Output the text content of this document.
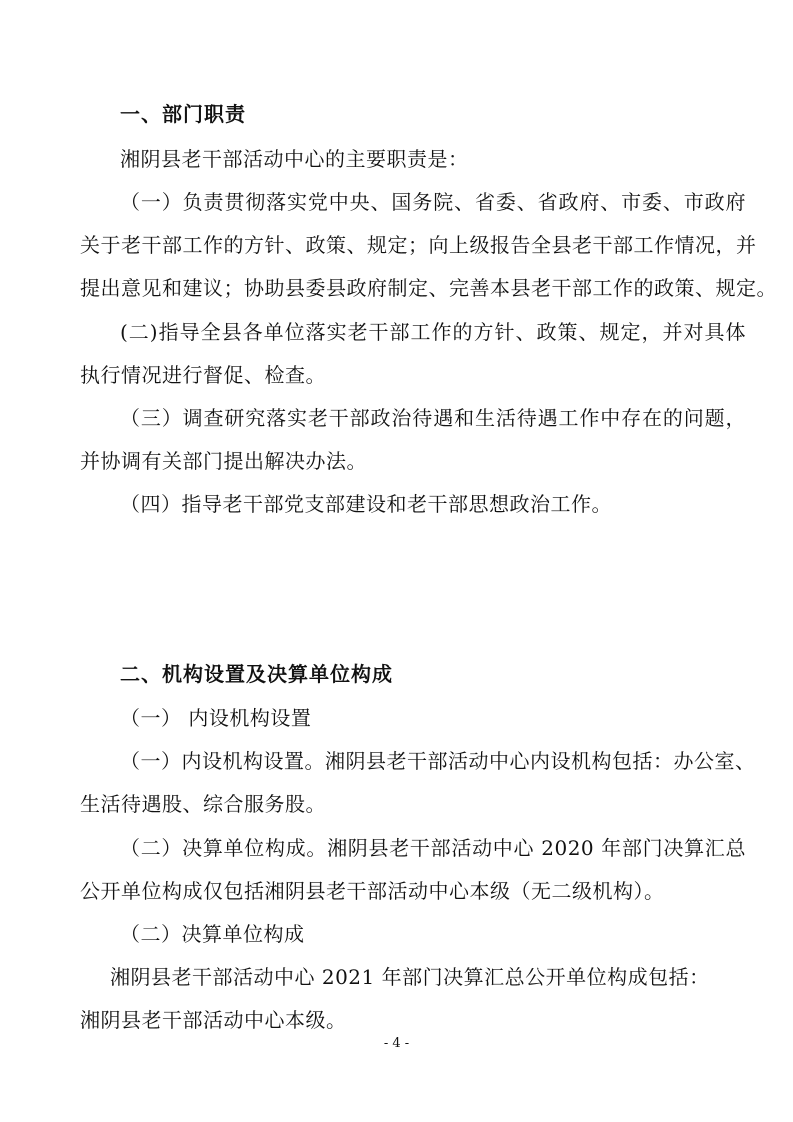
一、部门职责
湘阴县老干部活动中心的主要职责是：
（一）负责贯彻落实党中央、国务院、省委、省政府、市委、市政府
关于老干部工作的方针、政策、规定；向上级报告全县老干部工作情况，并
提出意见和建议；协助县委县政府制定、完善本县老干部工作的政策、规定。
(二)指导全县各单位落实老干部工作的方针、政策、规定，并对具体
执行情况进行督促、检查。
（三）调查研究落实老干部政治待遇和生活待遇工作中存在的问题，
并协调有关部门提出解决办法。
（四）指导老干部党支部建设和老干部思想政治工作。
二、机构设置及决算单位构成
（一） 内设机构设置
（一）内设机构设置。湘阴县老干部活动中心内设机构包括：办公室、
生活待遇股、综合服务股。
（二）决算单位构成。湘阴县老干部活动中心 2020 年部门决算汇总
公开单位构成仅包括湘阴县老干部活动中心本级（无二级机构）。
（二）决算单位构成
湘阴县老干部活动中心 2021 年部门决算汇总公开单位构成包括：
湘阴县老干部活动中心本级。
- 4 -
